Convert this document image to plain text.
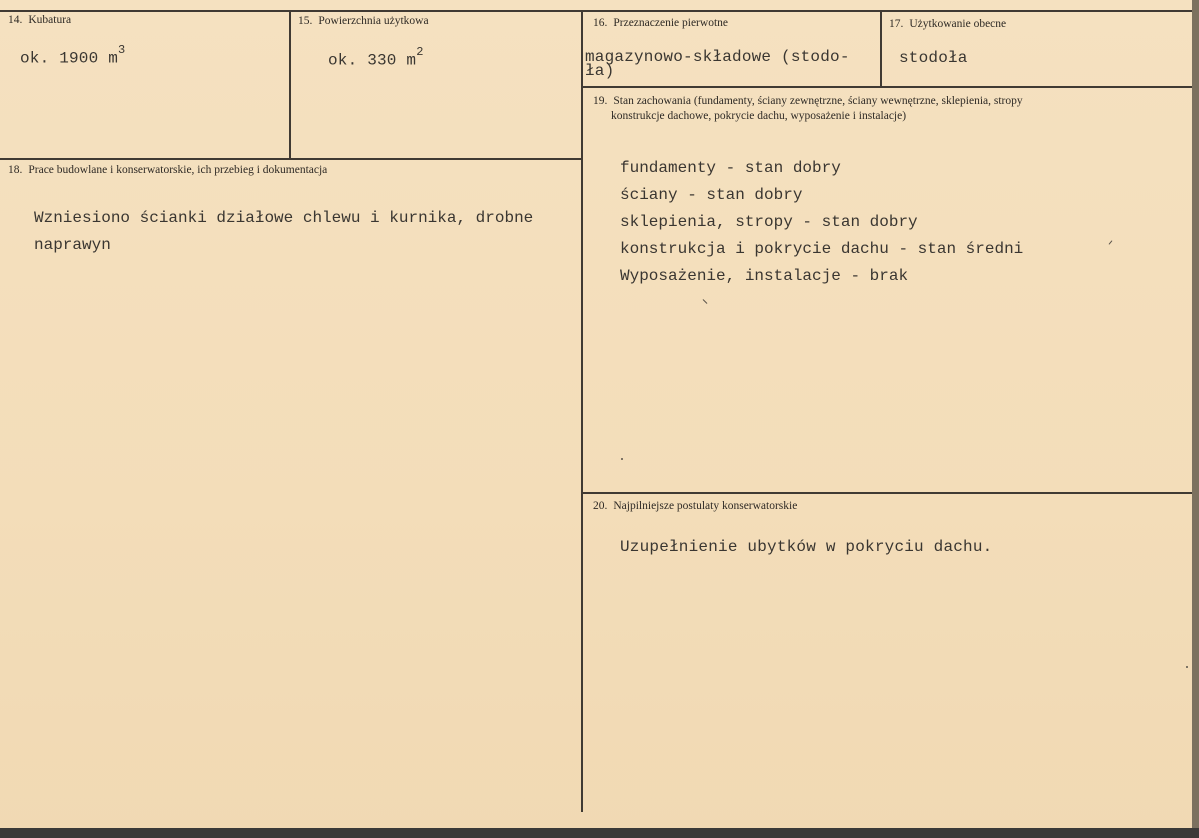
14. Kubatura
ok. 1900 $m^3$
15. Powierzchnia użytkowa
ok. 330 $m^2$
16. Przeznaczenie pierwotne
magazynowo-składowe (stodo-
ła)
17. Użytkowanie obecne
stodoła
18. Prace budowlane i konserwatorskie, ich przebieg i dokumentacja
Wzniesiono ścianki działowe chlewu i kurnika, drobne
naprawyn
19. Stan zachowania (fundamenty, ściany zewnętrzne, ściany wewnętrzne, sklepienia, stropy
konstrukcje dachowe, pokrycie dachu, wyposażenie i instalacje)
fundamenty - stan dobry
ściany - stan dobry
sklepienia, stropy - stan dobry
konstrukcja i pokrycie dachu - stan średni
Wyposażenie, instalacje - brak
20. Najpilniejsze postulaty konserwatorskie
Uzupełnienie ubytków w pokryciu dachu.
